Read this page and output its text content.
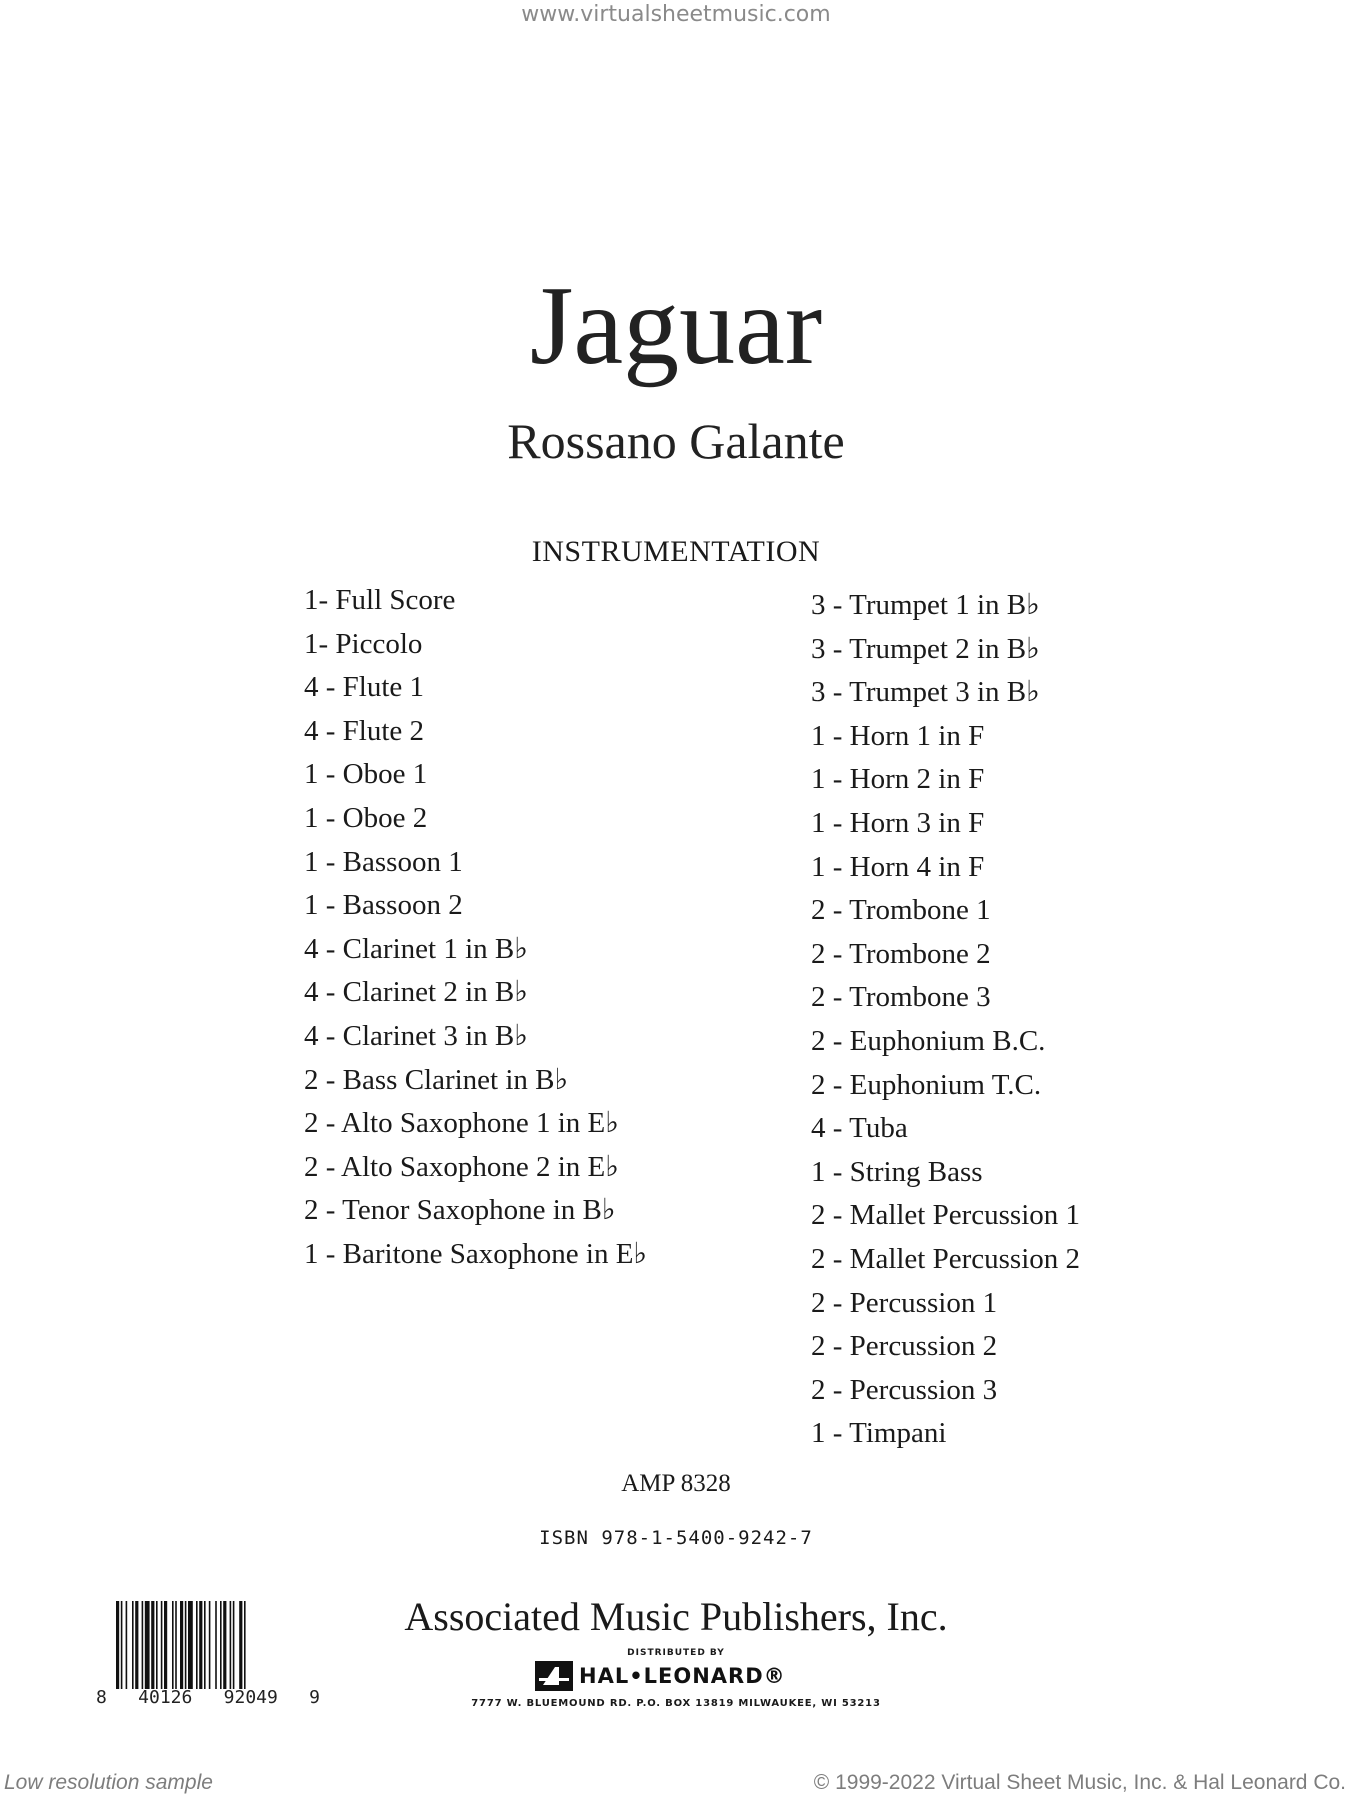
www.virtualsheetmusic.com
Jaguar
Rossano Galante
INSTRUMENTATION
1- Full Score
1- Piccolo
4 - Flute 1
4 - Flute 2
1 - Oboe 1
1 - Oboe 2
1 - Bassoon 1
1 - Bassoon 2
4 - Clarinet 1 in B♭
4 - Clarinet 2 in B♭
4 - Clarinet 3 in B♭
2 - Bass Clarinet in B♭
2 - Alto Saxophone 1 in E♭
2 - Alto Saxophone 2 in E♭
2 - Tenor Saxophone in B♭
1 - Baritone Saxophone in E♭
3 - Trumpet 1 in B♭
3 - Trumpet 2 in B♭
3 - Trumpet 3 in B♭
1 - Horn 1 in F
1 - Horn 2 in F
1 - Horn 3 in F
1 - Horn 4 in F
2 - Trombone 1
2 - Trombone 2
2 - Trombone 3
2 - Euphonium B.C.
2 - Euphonium T.C.
4 - Tuba
1 - String Bass
2 - Mallet Percussion 1
2 - Mallet Percussion 2
2 - Percussion 1
2 - Percussion 2
2 - Percussion 3
1 - Timpani
AMP 8328
ISBN 978-1-5400-9242-7
8 40126 92049 9
Associated Music Publishers, Inc.
DISTRIBUTED BY
HAL•LEONARD®
7777 W. BLUEMOUND RD. P.O. BOX 13819 MILWAUKEE, WI 53213
Low resolution sample	© 1999-2022 Virtual Sheet Music, Inc. & Hal Leonard Co.
